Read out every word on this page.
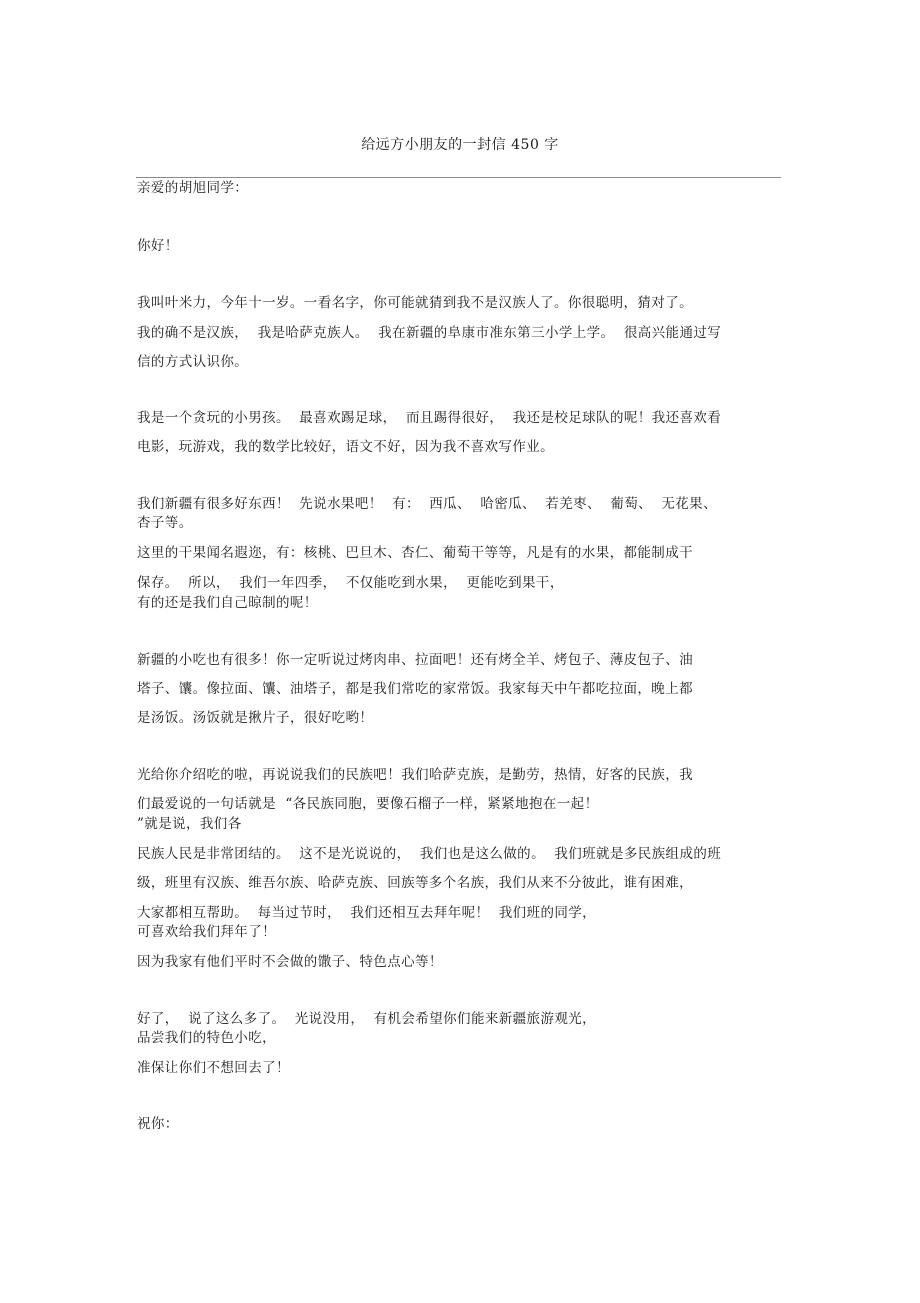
给远方小朋友的一封信 450 字
亲爱的胡旭同学：
你好！
我叫叶米力，今年十一岁。一看名字，你可能就猜到我不是汉族人了。你很聪明，猜对了。
我的确不是汉族，  我是哈萨克族人。  我在新疆的阜康市准东第三小学上学。  很高兴能通过写
信的方式认识你。
我是一个贪玩的小男孩。  最喜欢踢足球，  而且踢得很好，  我还是校足球队的呢！我还喜欢看
电影，玩游戏，我的数学比较好，语文不好，因为我不喜欢写作业。
我们新疆有很多好东西！  先说水果吧！  有：  西瓜、  哈密瓜、  若羌枣、  葡萄、  无花果、
杏子等。
这里的干果闻名遐迩，有：核桃、巴旦木、杏仁、葡萄干等等，凡是有的水果，都能制成干
保存。  所以，  我们一年四季，  不仅能吃到水果，  更能吃到果干，
有的还是我们自己晾制的呢！
新疆的小吃也有很多！你一定听说过烤肉串、拉面吧！还有烤全羊、烤包子、薄皮包子、油
塔子、馕。像拉面、馕、油塔子，都是我们常吃的家常饭。我家每天中午都吃拉面，晚上都
是汤饭。汤饭就是揪片子，很好吃哟！
光给你介绍吃的啦，再说说我们的民族吧！我们哈萨克族，是勤劳，热情，好客的民族，我
们最爱说的一句话就是  “各民族同胞，要像石榴子一样，紧紧地抱在一起！
”就是说，我们各
民族人民是非常团结的。  这不是光说说的，  我们也是这么做的。  我们班就是多民族组成的班
级，班里有汉族、维吾尔族、哈萨克族、回族等多个名族，我们从来不分彼此，谁有困难，
大家都相互帮助。  每当过节时，  我们还相互去拜年呢！  我们班的同学，
可喜欢给我们拜年了！
因为我家有他们平时不会做的馓子、特色点心等！
好了，  说了这么多了。  光说没用，  有机会希望你们能来新疆旅游观光，
品尝我们的特色小吃，
准保让你们不想回去了！
祝你：
